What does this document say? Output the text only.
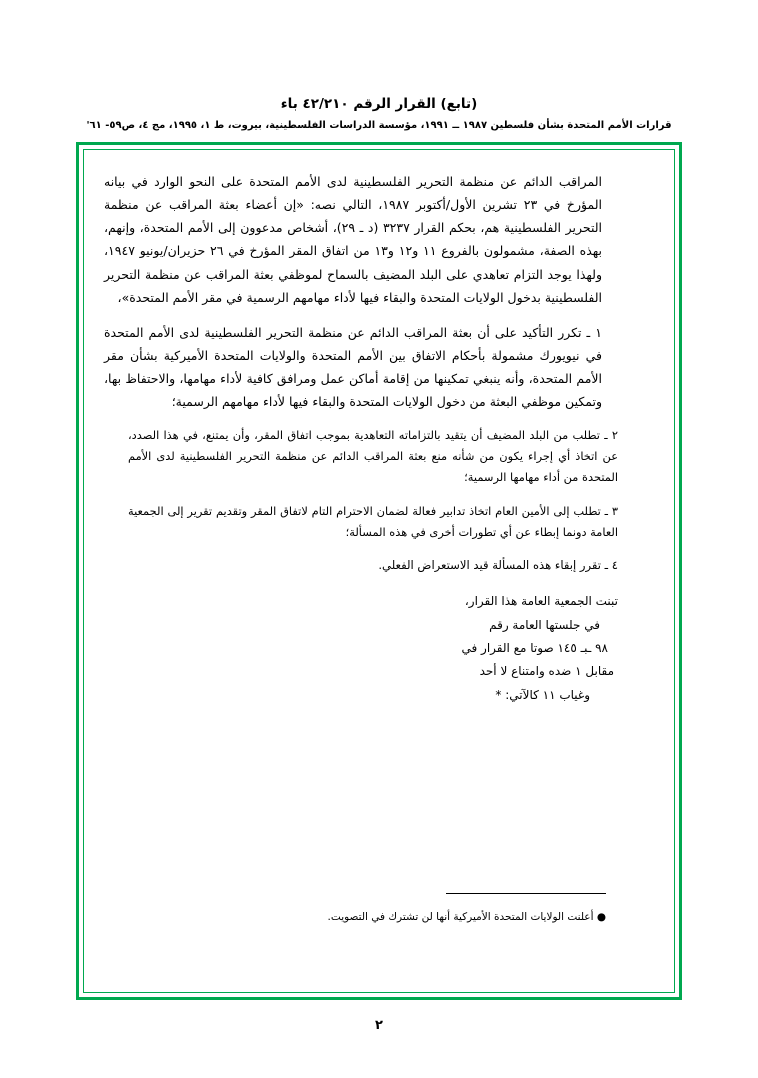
(تابع) القرار الرقم ٤٢/٢١٠ باء
قرارات الأمم المتحدة بشأن فلسطين ١٩٨٧ ــ ١٩٩١، مؤسسة الدراسات الفلسطينية، بيروت، ط ١، ١٩٩٥، مج ٤، ص٥٩- ٦١'

المراقب الدائم عن منظمة التحرير الفلسطينية لدى الأمم المتحدة على النحو الوارد في بيانه المؤرخ في ٢٣ تشرين الأول/أكتوبر ١٩٨٧، التالي نصه: «إن أعضاء بعثة المراقب عن منظمة التحرير الفلسطينية هم، بحكم القرار ٣٢٣٧ (د ـ ٢٩)، أشخاص مدعوون إلى الأمم المتحدة، وإنهم، بهذه الصفة، مشمولون بالفروع ١١ و١٢ و١٣ من اتفاق المقر المؤرخ في ٢٦ حزيران/يونيو ١٩٤٧، ولهذا يوجد التزام تعاهدي على البلد المضيف بالسماح لموظفي بعثة المراقب عن منظمة التحرير الفلسطينية بدخول الولايات المتحدة والبقاء فيها لأداء مهامهم الرسمية في مقر الأمم المتحدة»،

١ ـ تكرر التأكيد على أن بعثة المراقب الدائم عن منظمة التحرير الفلسطينية لدى الأمم المتحدة في نيويورك مشمولة بأحكام الاتفاق بين الأمم المتحدة والولايات المتحدة الأميركية بشأن مقر الأمم المتحدة، وأنه ينبغي تمكينها من إقامة أماكن عمل ومرافق كافية لأداء مهامها، والاحتفاظ بها، وتمكين موظفي البعثة من دخول الولايات المتحدة والبقاء فيها لأداء مهامهم الرسمية؛

٢ ـ تطلب من البلد المضيف أن يتقيد بالتزاماته التعاهدية بموجب اتفاق المقر، وأن يمتنع، في هذا الصدد، عن اتخاذ أي إجراء يكون من شأنه منع بعثة المراقب الدائم عن منظمة التحرير الفلسطينية لدى الأمم المتحدة من أداء مهامها الرسمية؛

٣ ـ تطلب إلى الأمين العام اتخاذ تدابير فعالة لضمان الاحترام التام لاتفاق المقر وتقديم تقرير إلى الجمعية العامة دونما إبطاء عن أي تطورات أخرى في هذه المسألة؛

٤ ـ تقرر إبقاء هذه المسألة قيد الاستعراض الفعلي.

تبنت الجمعية العامة هذا القرار،
في جلستها العامة رقم
٩٨ ـبـ ١٤٥ صوتا مع القرار في
مقابل ١ ضده وامتناع لا أحد
وغياب ١١ كالآتي: *
● أعلنت الولايات المتحدة الأميركية أنها لن تشترك في التصويت.
٢
